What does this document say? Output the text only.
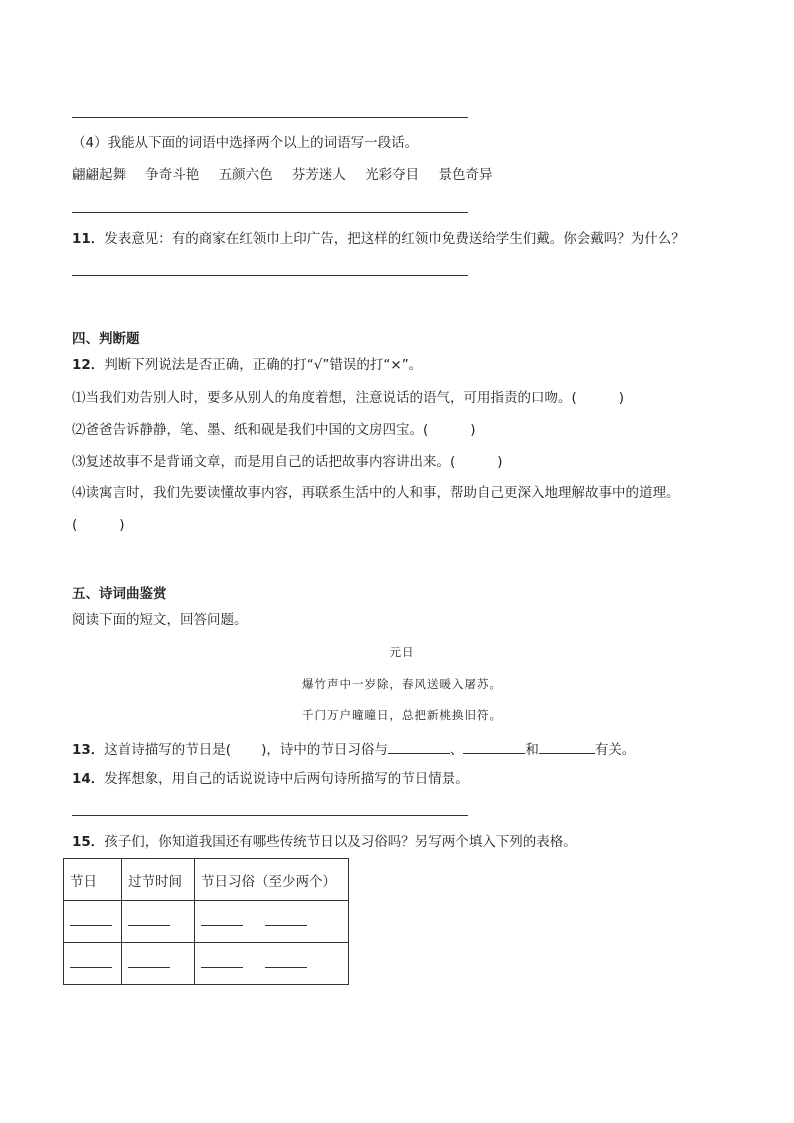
（4）我能从下面的词语中选择两个以上的词语写一段话。

翩翩起舞 争奇斗艳 五颜六色 芬芳迷人 光彩夺目 景色奇异

11．发表意见：有的商家在红领巾上印广告，把这样的红领巾免费送给学生们戴。你会戴吗？为什么？

四、判断题

12．判断下列说法是否正确，正确的打“√”错误的打“×”。

⑴当我们劝告别人时，要多从别人的角度着想，注意说话的语气，可用指责的口吻。(	)

⑵爸爸告诉静静，笔、墨、纸和砚是我们中国的文房四宝。(	)

⑶复述故事不是背诵文章，而是用自己的话把故事内容讲出来。(	)

⑷读寓言时，我们先要读懂故事内容，再联系生活中的人和事，帮助自己更深入地理解故事中的道理。

(	)

五、诗词曲鉴赏

阅读下面的短文，回答问题。

元日

爆竹声中一岁除，春风送暖入屠苏。

千门万户曈曈日，总把新桃换旧符。

13．这首诗描写的节日是( )，诗中的节日习俗与	、	和	有关。

14．发挥想象，用自己的话说说诗中后两句诗所描写的节日情景。

15．孩子们，你知道我国还有哪些传统节日以及习俗吗？另写两个填入下列的表格。

节日	过节时间	节日习俗（至少两个）
